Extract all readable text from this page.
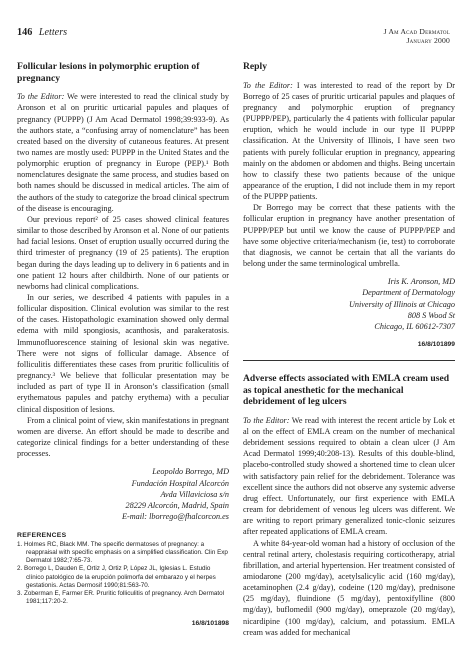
146 Letters	J Am Acad Dermatol
January 2000
Follicular lesions in polymorphic eruption of pregnancy

To the Editor: We were interested to read the clinical study by Aronson et al on pruritic urticarial papules and plaques of pregnancy (PUPPP) (J Am Acad Dermatol 1998;39:933-9). As the authors state, a “confusing array of nomenclature” has been created based on the diversity of cutaneous features. At present two names are mostly used: PUPPP in the United States and the polymorphic eruption of pregnancy in Europe (PEP).¹ Both nomenclatures designate the same process, and studies based on both names should be discussed in medical articles. The aim of the authors of the study to categorize the broad clinical spectrum of the disease is encouraging.

Our previous report² of 25 cases showed clinical features similar to those described by Aronson et al. None of our patients had facial lesions. Onset of eruption usually occurred during the third trimester of pregnancy (19 of 25 patients). The eruption began during the days leading up to delivery in 6 patients and in one patient 12 hours after childbirth. None of our patients or newborns had clinical complications.

In our series, we described 4 patients with papules in a follicular disposition. Clinical evolution was similar to the rest of the cases. Histopathologic examination showed only dermal edema with mild spongiosis, acanthosis, and parakeratosis. Immunofluorescence staining of lesional skin was negative. There were not signs of follicular damage. Absence of folliculitis differentiates these cases from pruritic folliculitis of pregnancy.³ We believe that follicular presentation may be included as part of type II in Aronson’s classification (small erythematous papules and patchy erythema) with a peculiar clinical disposition of lesions.

From a clinical point of view, skin manifestations in pregnant women are diverse. An effort should be made to describe and categorize clinical findings for a better understanding of these processes.

Leopoldo Borrego, MD
Fundación Hospital Alcorcón
Avda Villaviciosa s/n
28229 Alcorcón, Madrid, Spain
E-mail: lborrego@fhalcorcon.es
REFERENCES
1. Holmes RC, Black MM. The specific dermatoses of pregnancy: a reappraisal with specific emphasis on a simplified classification. Clin Exp Dermatol 1982;7:65-73.
2. Borrego L, Dauden E, Ortiz J, Ortiz P, López JL, Iglesias L. Estudio clínico patológico de la erupción polimorfa del embarazo y el herpes gestationis. Actas Dermosif 1990;81:563-70.
3. Zoberman E, Farmer ER. Pruritic folliculitis of pregnancy. Arch Dermatol 1981;117:20-2.
16/8/101898
Reply

To the Editor: I was interested to read of the report by Dr Borrego of 25 cases of pruritic urticarial papules and plaques of pregnancy and polymorphic eruption of pregnancy (PUPPP/PEP), particularly the 4 patients with follicular papular eruption, which he would include in our type II PUPPP classification. At the University of Illinois, I have seen two patients with purely follicular eruption in pregnancy, appearing mainly on the abdomen or abdomen and thighs. Being uncertain how to classify these two patients because of the unique appearance of the eruption, I did not include them in my report of the PUPPP patients.

Dr Borrego may be correct that these patients with the follicular eruption in pregnancy have another presentation of PUPPP/PEP but until we know the cause of PUPPP/PEP and have some objective criteria/mechanism (ie, test) to corroborate that diagnosis, we cannot be certain that all the variants do belong under the same terminological umbrella.

Iris K. Aronson, MD
Department of Dermatology
University of Illinois at Chicago
808 S Wood St
Chicago, IL 60612-7307
16/8/101899
Adverse effects associated with EMLA cream used as topical anesthetic for the mechanical debridement of leg ulcers

To the Editor: We read with interest the recent article by Lok et al on the effect of EMLA cream on the number of mechanical debridement sessions required to obtain a clean ulcer (J Am Acad Dermatol 1999;40:208-13). Results of this double-blind, placebo-controlled study showed a shortened time to clean ulcer with satisfactory pain relief for the debridement. Tolerance was excellent since the authors did not observe any systemic adverse drug effect. Unfortunately, our first experience with EMLA cream for debridement of venous leg ulcers was different. We are writing to report primary generalized tonic-clonic seizures after repeated applications of EMLA cream.

A white 84-year-old woman had a history of occlusion of the central retinal artery, cholestasis requiring corticotherapy, atrial fibrillation, and arterial hypertension. Her treatment consisted of amiodarone (200 mg/day), acetylsalicylic acid (160 mg/day), acetaminophen (2.4 g/day), codeine (120 mg/day), prednisone (25 mg/day), fluindione (5 mg/day), pentoxifylline (800 mg/day), buflomedil (900 mg/day), omeprazole (20 mg/day), nicardipine (100 mg/day), calcium, and potassium. EMLA cream was added for mechanical
